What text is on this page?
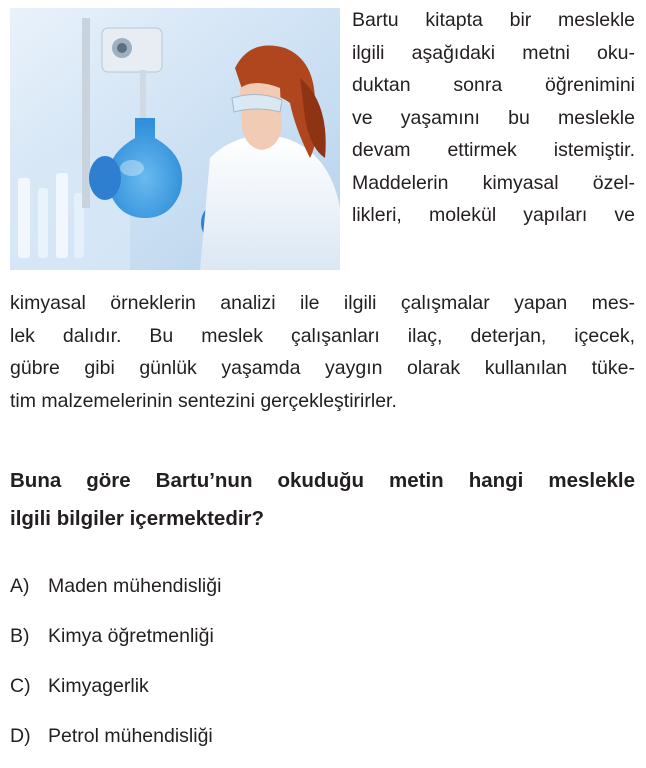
Bartu kitapta bir meslekle
ilgili aşağıdaki metni oku-
duktan sonra öğrenimini
ve yaşamını bu meslekle
devam ettirmek istemiştir.
Maddelerin kimyasal özel-
likleri, molekül yapıları ve
kimyasal örneklerin analizi ile ilgili çalışmalar yapan mes-
lek dalıdır. Bu meslek çalışanları ilaç, deterjan, içecek,
gübre gibi günlük yaşamda yaygın olarak kullanılan tüke-
tim malzemelerinin sentezini gerçekleştirirler.
Buna göre Bartu’nun okuduğu metin hangi meslekle
ilgili bilgiler içermektedir?
A) Maden mühendisliği
B) Kimya öğretmenliği
C) Kimyagerlik
D) Petrol mühendisliği
